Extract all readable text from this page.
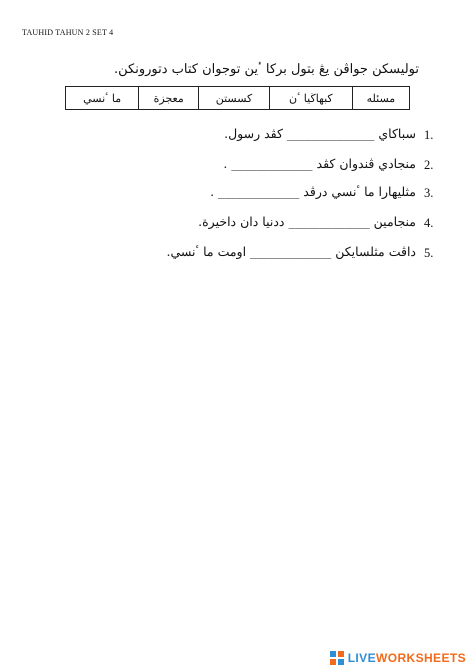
TAUHID TAHUN 2 SET 4
توليسكن جواڤن يڠ بتول برکا ٴين توجوان كتاب دتورونكن.
مسئله	كبهاڬيا ٴن	كسستن	معجزة	ما ٴنسي
1.
سباكاي ______________ كڤد رسول.
2.
منجادي ڤندوان كڤد _____________ .
3.
مثليهارا ما ٴنسي درڤد _____________ .
4.
منجامين _____________ ددنيا دان داخيرة.
5.
داڤت مثلسايكن _____________ اومت ما ٴنسي.
LIVEWORKSHEETS
